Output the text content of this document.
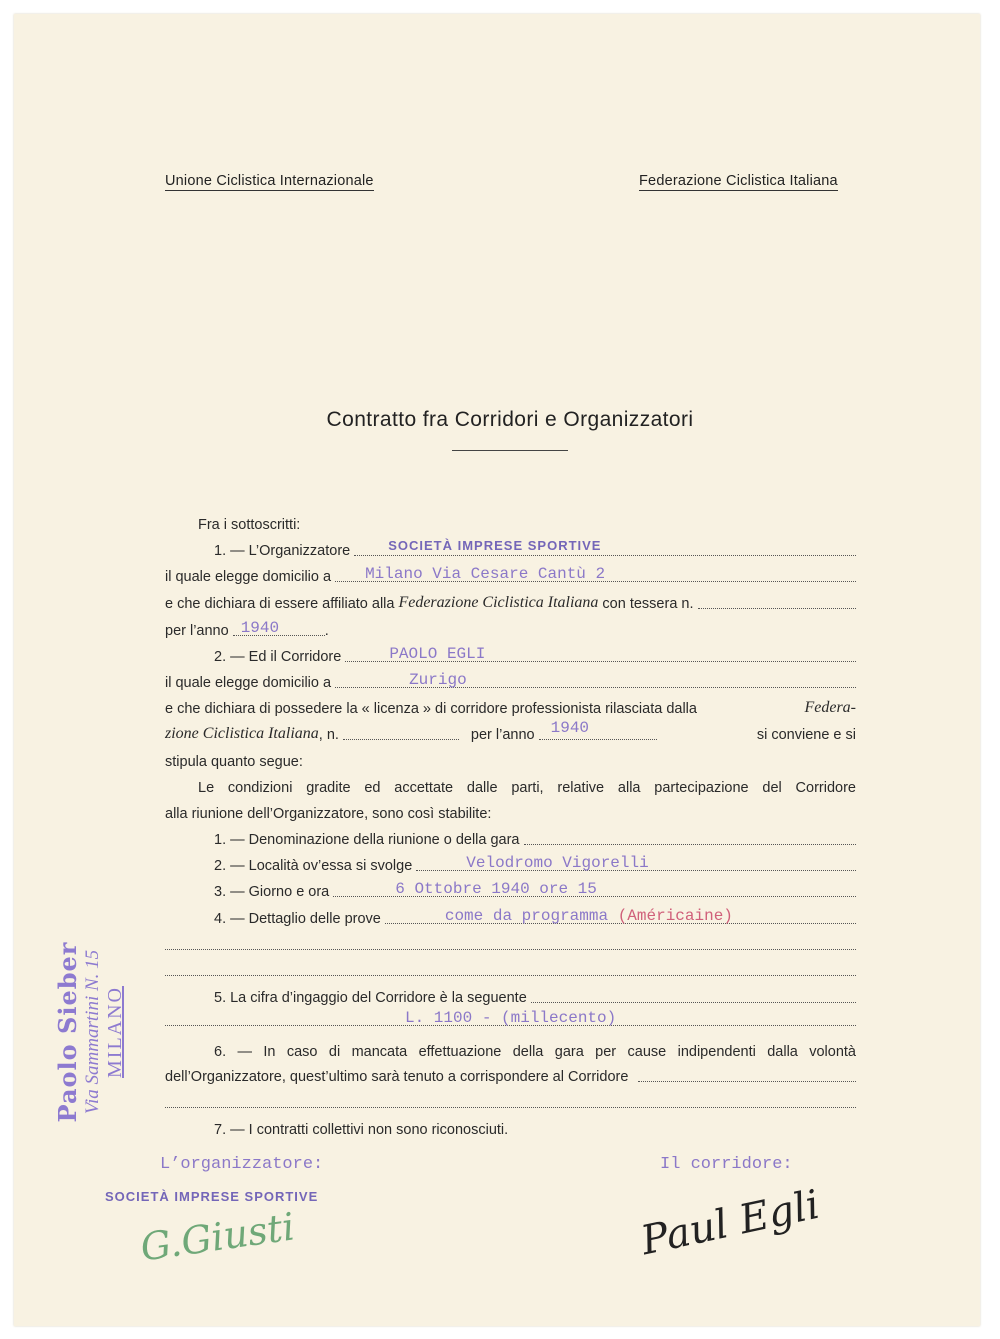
Unione Ciclistica Internazionale	Federazione Ciclistica Italiana
Contratto fra Corridori e Organizzatori
Fra i sottoscritti:
1. — L’Organizzatore	SOCIETÀ IMPRESE SPORTIVE
il quale elegge domicilio a Milano Via Cesare Cantù 2
e che dichiara di essere affiliato alla Federazione Ciclistica Italiana con tessera n.
per l’anno 1940	.
2. — Ed il Corridore	PAOLO EGLI
il quale elegge domicilio a	Zurigo
e che dichiara di possedere la « licenza » di corridore professionista rilasciata dalla	Federa-
zione Ciclistica Italiana , n.	per l’anno 1940	si conviene e si
stipula quanto segue:
Le condizioni gradite ed accettate dalle parti, relative alla partecipazione del Corridore
alla riunione dell’Organizzatore, sono così stabilite:
1. — Denominazione della riunione o della gara
2. — Località ov’essa si svolge	Velodromo Vigorelli
3. — Giorno e ora	6 Ottobre 1940 ore 15
4. — Dettaglio delle prove	come da programma (Américaine)
5. La cifra d’ingaggio del Corridore è la seguente
L. 1100 - (millecento)
6. — In caso di mancata effettuazione della gara per cause indipendenti dalla volontà
dell’Organizzatore, quest’ultimo sarà tenuto a corrispondere al Corridore
7. — I contratti collettivi non sono riconosciuti.
L’organizzatore:
SOCIETÀ IMPRESE SPORTIVE
G.Giusti
Il corridore:
Paul Egli
Paolo Sieber Via Sammartini N. 15 MILANO
